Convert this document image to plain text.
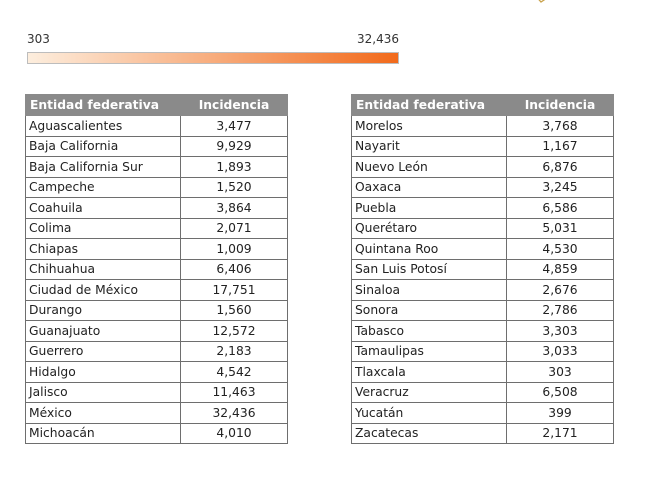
303	32,436
Entidad federativa	Incidencia
Aguascalientes	3,477
Baja California	9,929
Baja California Sur	1,893
Campeche	1,520
Coahuila	3,864
Colima	2,071
Chiapas	1,009
Chihuahua	6,406
Ciudad de México	17,751
Durango	1,560
Guanajuato	12,572
Guerrero	2,183
Hidalgo	4,542
Jalisco	11,463
México	32,436
Michoacán	4,010
Entidad federativa	Incidencia
Morelos	3,768
Nayarit	1,167
Nuevo León	6,876
Oaxaca	3,245
Puebla	6,586
Querétaro	5,031
Quintana Roo	4,530
San Luis Potosí	4,859
Sinaloa	2,676
Sonora	2,786
Tabasco	3,303
Tamaulipas	3,033
Tlaxcala	303
Veracruz	6,508
Yucatán	399
Zacatecas	2,171
